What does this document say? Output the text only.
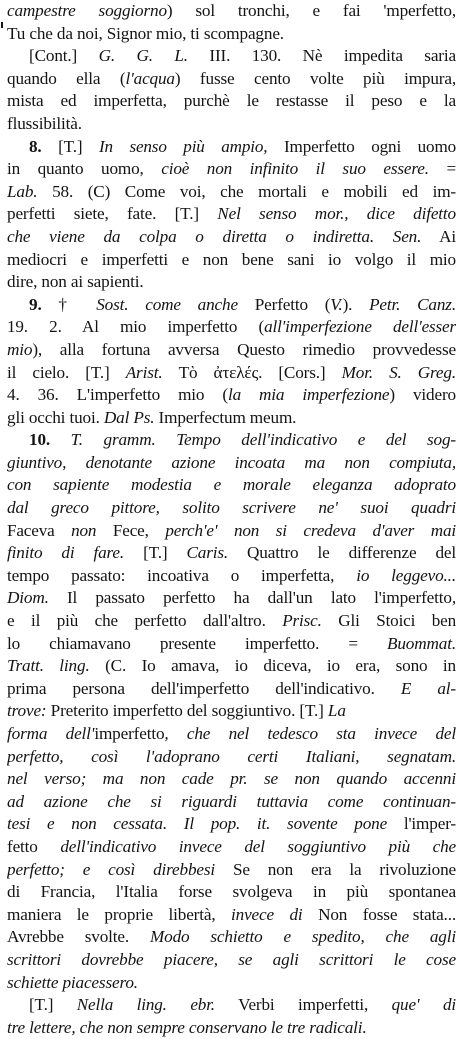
campestre soggiorno) sol tronchi, e fai 'mperfetto,
Tu che da noi, Signor mio, ti scompagne.
[Cont.] G. G. L. III. 130. Nè impedita saria
quando ella (l'acqua) fusse cento volte più impura,
mista ed imperfetta, purchè le restasse il peso e la
flussibilità.
8. [T.] In senso più ampio, Imperfetto ogni uomo
in quanto uomo, cioè non infinito il suo essere. =
Lab. 58. (C) Come voi, che mortali e mobili ed im-
perfetti siete, fate. [T.] Nel senso mor., dice difetto
che viene da colpa o diretta o indiretta. Sen. Ai
mediocri e imperfetti e non bene sani io volgo il mio
dire, non ai sapienti.
9. † Sost. come anche Perfetto (V.). Petr. Canz.
19. 2. Al mio imperfetto (all'imperfezione dell'esser
mio), alla fortuna avversa Questo rimedio provvedesse
il cielo. [T.] Arist. Τὸ ἀτελές. [Cors.] Mor. S. Greg.
4. 36. L'imperfetto mio (la mia imperfezione) videro
gli occhi tuoi. Dal Ps. Imperfectum meum.
10. T. gramm. Tempo dell'indicativo e del sog-
giuntivo, denotante azione incoata ma non compiuta,
con sapiente modestia e morale eleganza adoprato
dal greco pittore, solito scrivere ne' suoi quadri
Faceva non Fece, perch'e' non si credeva d'aver mai
finito di fare. [T.] Caris. Quattro le differenze del
tempo passato: incoativa o imperfetta, io leggevo...
Diom. Il passato perfetto ha dall'un lato l'imperfetto,
e il più che perfetto dall'altro. Prisc. Gli Stoici ben
lo chiamavano presente imperfetto. = Buommat.
Tratt. ling. (C. Io amava, io diceva, io era, sono in
prima persona dell'imperfetto dell'indicativo. E al-
trove: Preterito imperfetto del soggiuntivo. [T.] La
forma dell'imperfetto, che nel tedesco sta invece del
perfetto, così l'adoprano certi Italiani, segnatam.
nel verso; ma non cade pr. se non quando accenni
ad azione che si riguardi tuttavia come continuan-
tesi e non cessata. Il pop. it. sovente pone l'imper-
fetto dell'indicativo invece del soggiuntivo più che
perfetto; e così direbbesi Se non era la rivoluzione
di Francia, l'Italia forse svolgeva in più spontanea
maniera le proprie libertà, invece di Non fosse stata...
Avrebbe svolte. Modo schietto e spedito, che agli
scrittori dovrebbe piacere, se agli scrittori le cose
schiette piacessero.
[T.] Nella ling. ebr. Verbi imperfetti, que' di
tre lettere, che non sempre conservano le tre radicali.
